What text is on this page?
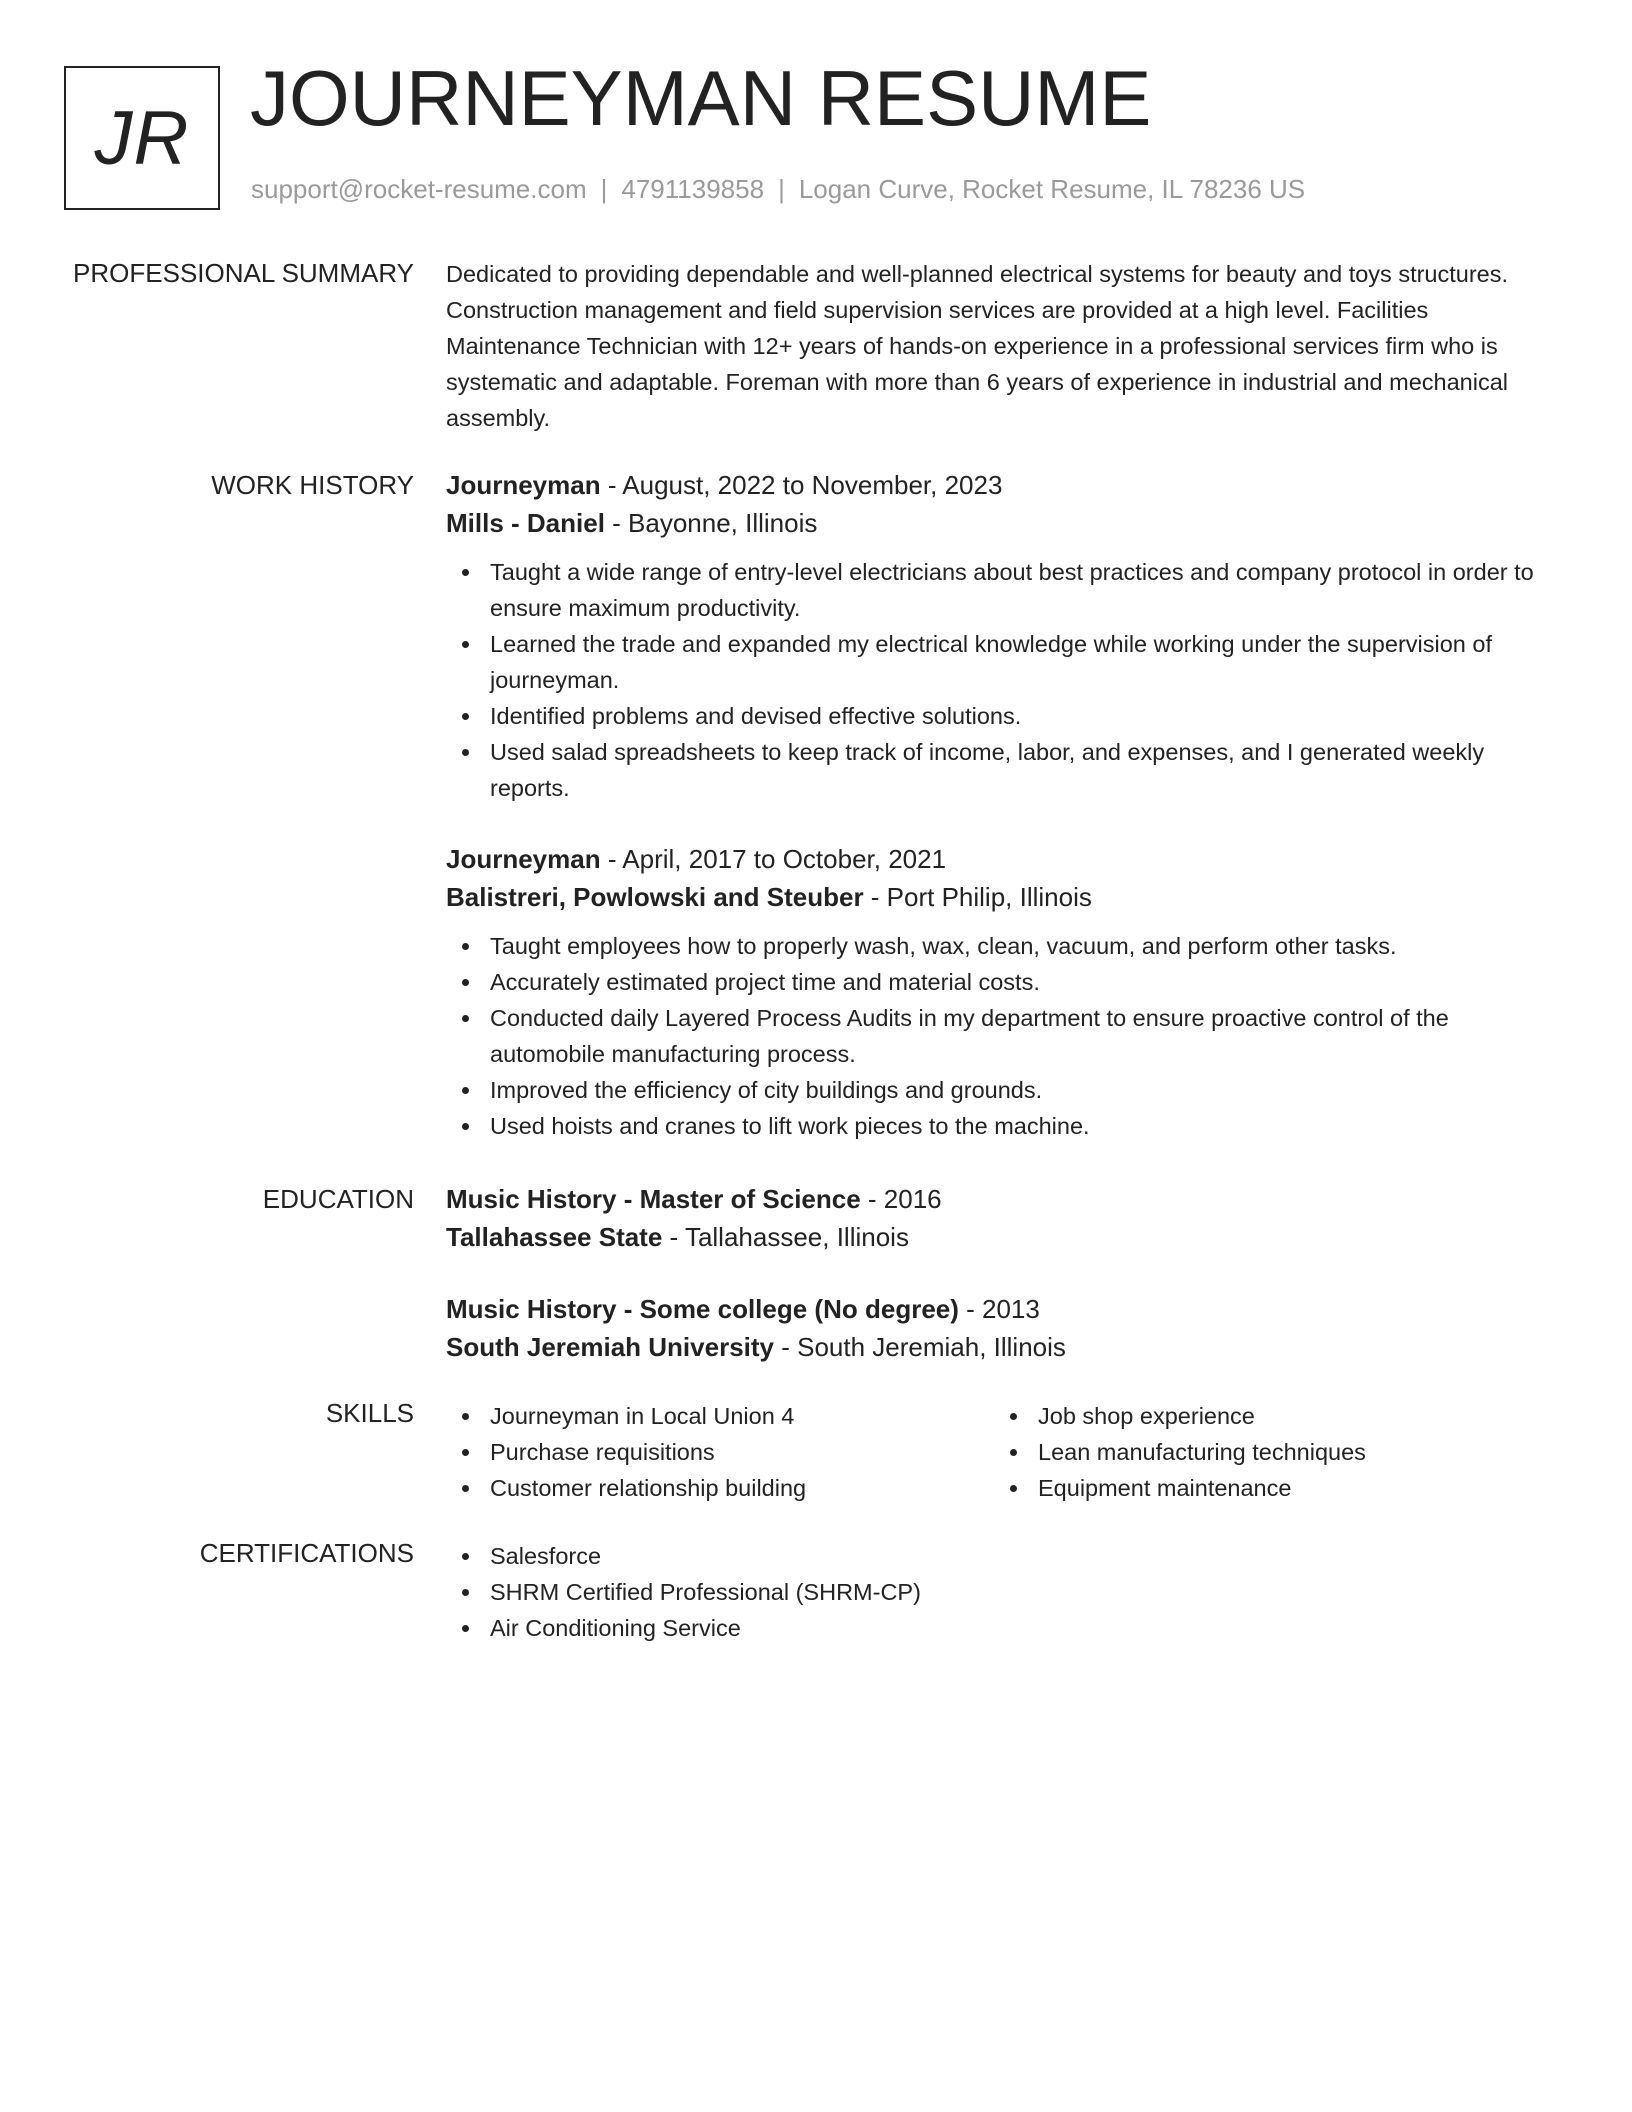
JR JOURNEYMAN RESUME
support@rocket-resume.com | 4791139858 | Logan Curve, Rocket Resume, IL 78236 US
PROFESSIONAL SUMMARY Dedicated to providing dependable and well-planned electrical systems for beauty and toys structures. Construction management and field supervision services are provided at a high level. Facilities Maintenance Technician with 12+ years of hands-on experience in a professional services firm who is systematic and adaptable. Foreman with more than 6 years of experience in industrial and mechanical assembly.
WORK HISTORY Journeyman - August, 2022 to November, 2023
Mills - Daniel - Bayonne, Illinois
Taught a wide range of entry-level electricians about best practices and company protocol in order to ensure maximum productivity.
Learned the trade and expanded my electrical knowledge while working under the supervision of journeyman.
Identified problems and devised effective solutions.
Used salad spreadsheets to keep track of income, labor, and expenses, and I generated weekly reports.
Journeyman - April, 2017 to October, 2021
Balistreri, Powlowski and Steuber - Port Philip, Illinois
Taught employees how to properly wash, wax, clean, vacuum, and perform other tasks.
Accurately estimated project time and material costs.
Conducted daily Layered Process Audits in my department to ensure proactive control of the automobile manufacturing process.
Improved the efficiency of city buildings and grounds.
Used hoists and cranes to lift work pieces to the machine.
EDUCATION Music History - Master of Science - 2016
Tallahassee State - Tallahassee, Illinois
Music History - Some college (No degree) - 2013
South Jeremiah University - South Jeremiah, Illinois
SKILLS	Journeyman in Local Union 4
Purchase requisitions
Customer relationship building
Job shop experience
Lean manufacturing techniques
Equipment maintenance
CERTIFICATIONS	Salesforce
SHRM Certified Professional (SHRM-CP)
Air Conditioning Service
